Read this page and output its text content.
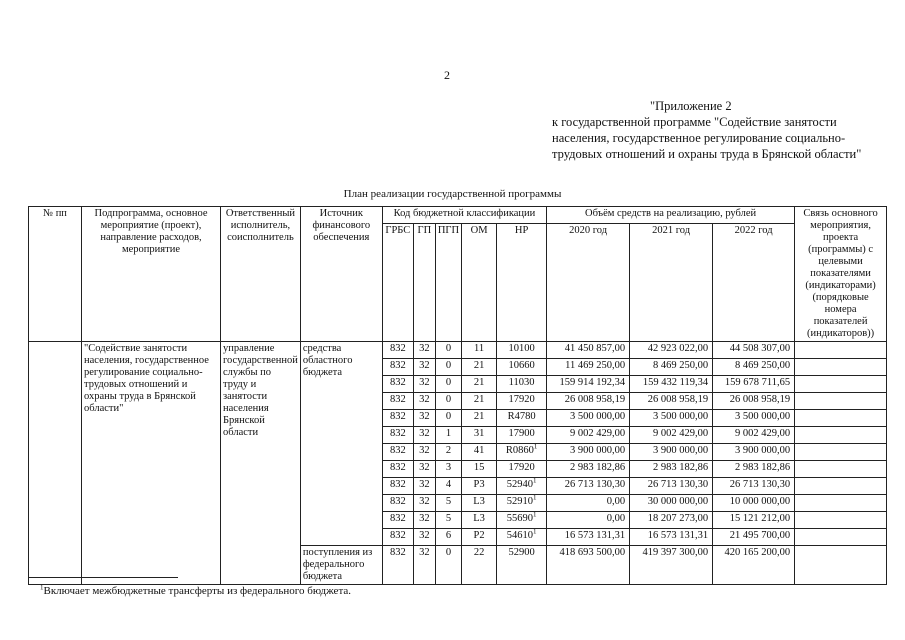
2
"Приложение 2
к государственной программе "Содействие занятости населения, государственное регулирование социально-трудовых отношений и охраны труда в Брянской области"
План реализации государственной программы
№ пп	Подпрограмма, основное мероприятие (проект), направление расходов, мероприятие	Ответственный исполнитель, соисполнитель	Источник финансового обеспечения	Код бюджетной классификации					Объём средств на реализацию, рублей			Связь основного мероприятия, проекта (программы) с целевыми показателями (индикаторами) (порядковые номера показателей (индикаторов))
				ГРБС	ГП	ПГП	ОМ	НР	2020 год	2021 год	2022 год	
	"Содействие занятости населения, государственное регулирование социально-трудовых отношений и охраны труда в Брянской области"	управление государственной службы по труду и занятости населения Брянской области	средства областного бюджета	832	32	0	11	10100	41 450 857,00	42 923 022,00	44 508 307,00	
				832	32	0	21	10660	11 469 250,00	8 469 250,00	8 469 250,00	
				832	32	0	21	11030	159 914 192,34	159 432 119,34	159 678 711,65	
				832	32	0	21	17920	26 008 958,19	26 008 958,19	26 008 958,19	
				832	32	0	21	R4780	3 500 000,00	3 500 000,00	3 500 000,00	
				832	32	1	31	17900	9 002 429,00	9 002 429,00	9 002 429,00	
				832	32	2	41	R0860$^1$	3 900 000,00	3 900 000,00	3 900 000,00	
				832	32	3	15	17920	2 983 182,86	2 983 182,86	2 983 182,86	
				832	32	4	P3	52940$^1$	26 713 130,30	26 713 130,30	26 713 130,30	
				832	32	5	L3	52910$^1$	0,00	30 000 000,00	10 000 000,00	
				832	32	5	L3	55690$^1$	0,00	18 207 273,00	15 121 212,00	
				832	32	6	P2	54610$^1$	16 573 131,31	16 573 131,31	21 495 700,00	
			поступления из федерального бюджета	832	32	0	22	52900	418 693 500,00	419 397 300,00	420 165 200,00	
$^1$Включает межбюджетные трансферты из федерального бюджета.
